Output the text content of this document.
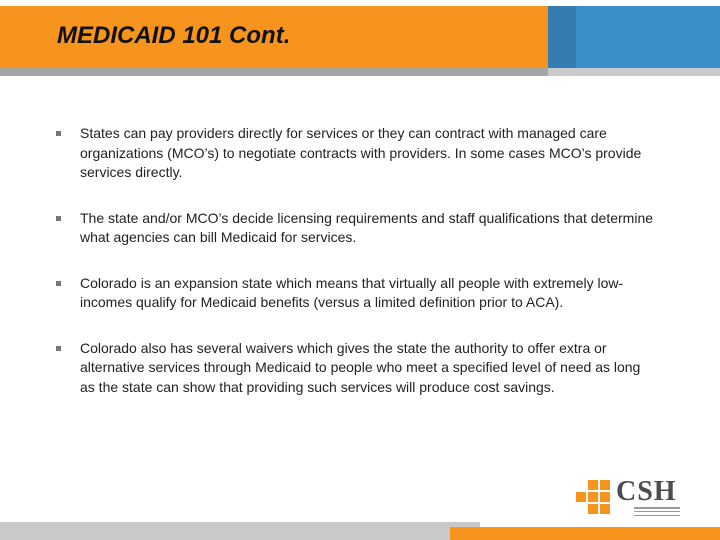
MEDICAID 101 Cont.
States can pay providers directly for services or they can contract with managed care organizations (MCO’s) to negotiate contracts with providers. In some cases MCO’s provide services directly.
The state and/or MCO’s decide licensing requirements and staff qualifications that determine what agencies can bill Medicaid for services.
Colorado is an expansion state which means that virtually all people with extremely low-incomes qualify for Medicaid benefits (versus a limited definition prior to ACA).
Colorado also has several waivers which gives the state the authority to offer extra or alternative services through Medicaid to people who meet a specified level of need as long as the state can show that providing such services will produce cost savings.
CSH
